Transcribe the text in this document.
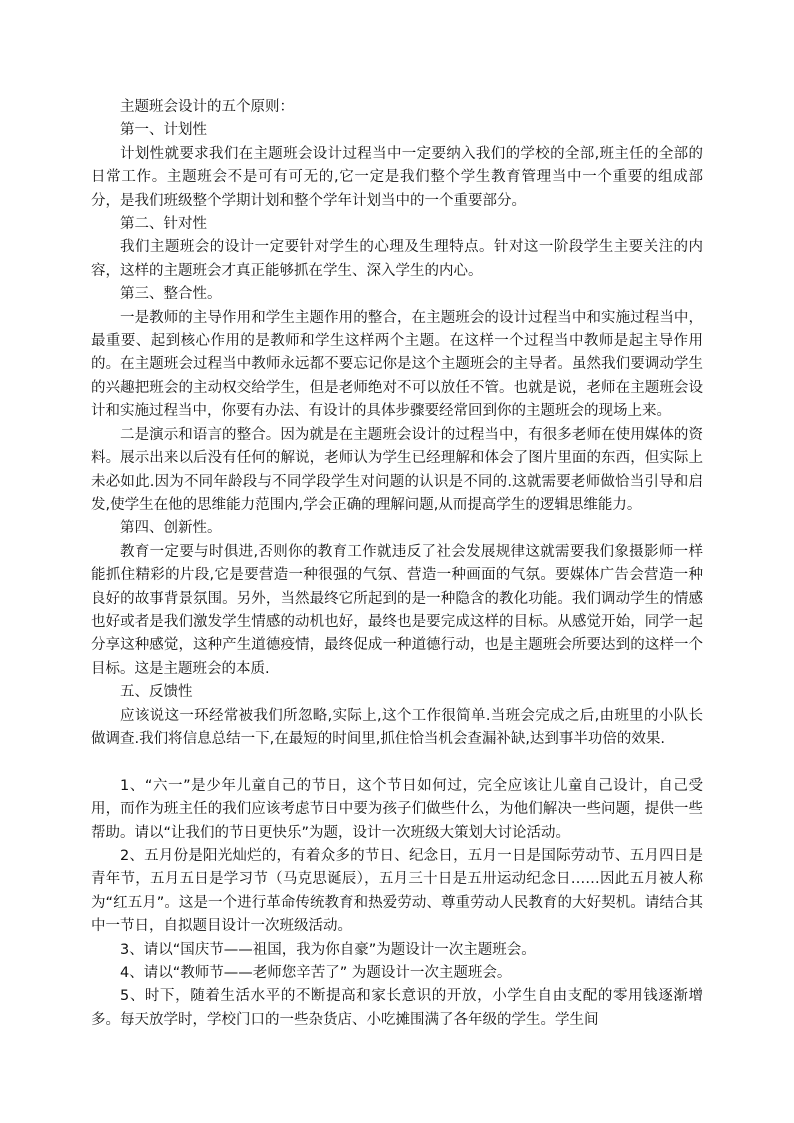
主题班会设计的五个原则：

第一、计划性

计划性就要求我们在主题班会设计过程当中一定要纳入我们的学校的全部,班主任的全部的日常工作。主题班会不是可有可无的,它一定是我们整个学生教育管理当中一个重要的组成部分，是我们班级整个学期计划和整个学年计划当中的一个重要部分。

第二、针对性

我们主题班会的设计一定要针对学生的心理及生理特点。针对这一阶段学生主要关注的内容，这样的主题班会才真正能够抓在学生、深入学生的内心。

第三、整合性。

一是教师的主导作用和学生主题作用的整合，在主题班会的设计过程当中和实施过程当中，最重要、起到核心作用的是教师和学生这样两个主题。在这样一个过程当中教师是起主导作用的。在主题班会过程当中教师永远都不要忘记你是这个主题班会的主导者。虽然我们要调动学生的兴趣把班会的主动权交给学生，但是老师绝对不可以放任不管。也就是说，老师在主题班会设计和实施过程当中，你要有办法、有设计的具体步骤要经常回到你的主题班会的现场上来。

二是演示和语言的整合。因为就是在主题班会设计的过程当中，有很多老师在使用媒体的资料。展示出来以后没有任何的解说，老师认为学生已经理解和体会了图片里面的东西，但实际上未必如此.因为不同年龄段与不同学段学生对问题的认识是不同的.这就需要老师做恰当引导和启发,使学生在他的思维能力范围内,学会正确的理解问题,从而提高学生的逻辑思维能力。

第四、创新性。

教育一定要与时俱进,否则你的教育工作就违反了社会发展规律这就需要我们象摄影师一样能抓住精彩的片段,它是要营造一种很强的气氛、营造一种画面的气氛。要媒体广告会营造一种良好的故事背景氛围。另外，当然最终它所起到的是一种隐含的教化功能。我们调动学生的情感也好或者是我们激发学生情感的动机也好，最终也是要完成这样的目标。从感觉开始，同学一起分享这种感觉，这种产生道德疫情，最终促成一种道德行动，也是主题班会所要达到的这样一个目标。这是主题班会的本质.

五、反馈性

应该说这一环经常被我们所忽略,实际上,这个工作很简单.当班会完成之后,由班里的小队长做调查.我们将信息总结一下,在最短的时间里,抓住恰当机会查漏补缺,达到事半功倍的效果.

1、“六一”是少年儿童自己的节日，这个节日如何过，完全应该让儿童自己设计，自己受用，而作为班主任的我们应该考虑节日中要为孩子们做些什么，为他们解决一些问题，提供一些帮助。请以“让我们的节日更快乐”为题，设计一次班级大策划大讨论活动。

2、五月份是阳光灿烂的，有着众多的节日、纪念日，五月一日是国际劳动节、五月四日是青年节，五月五日是学习节（马克思诞辰），五月三十日是五卅运动纪念日……因此五月被人称为“红五月”。这是一个进行革命传统教育和热爱劳动、尊重劳动人民教育的大好契机。请结合其中一节日，自拟题目设计一次班级活动。

3、请以“国庆节——祖国，我为你自豪”为题设计一次主题班会。

4、请以“教师节——老师您辛苦了” 为题设计一次主题班会。

5、时下，随着生活水平的不断提高和家长意识的开放，小学生自由支配的零用钱逐渐增多。每天放学时，学校门口的一些杂货店、小吃摊围满了各年级的学生。学生间
